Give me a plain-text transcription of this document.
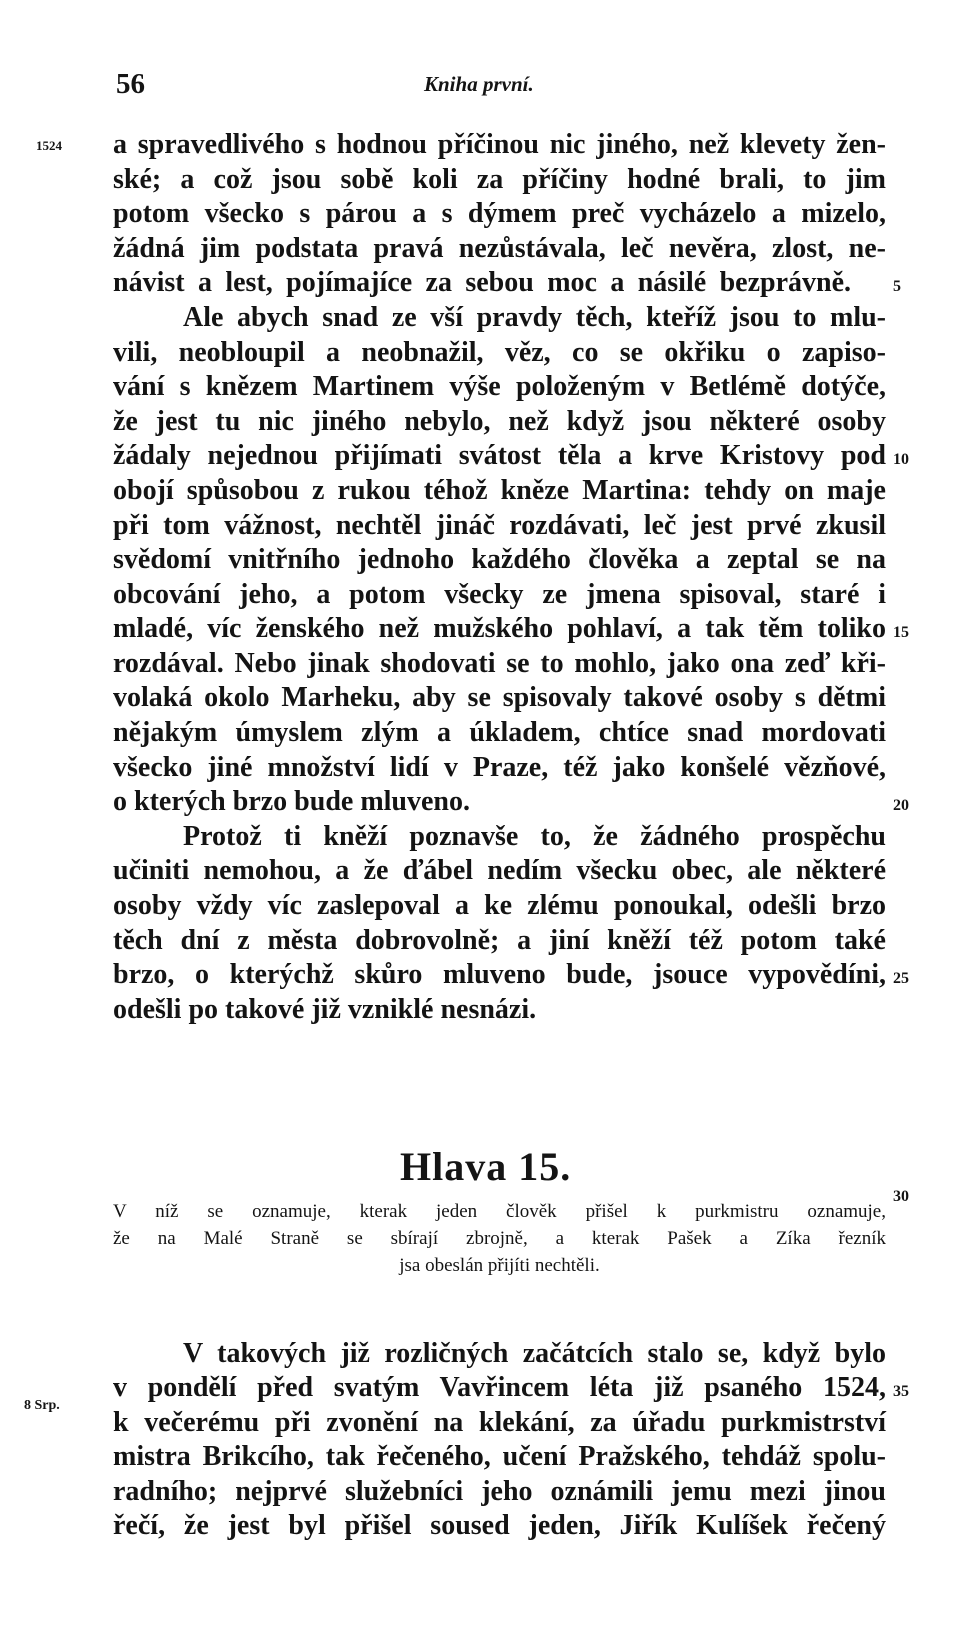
56	Kniha první.
1524 a spravedlivého s hodnou příčinou nic jiného, než klevety žen-
ské; a což jsou sobě koli za příčiny hodné brali, to jim
potom všecko s párou a s dýmem preč vycházelo a mizelo,
žádná jim podstata pravá nezůstávala, leč nevěra, zlost, ne-
návist a lest, pojímajíce za sebou moc a násilé bezprávně.
Ale abych snad ze vší pravdy těch, kteříž jsou to mlu-
vili, neobloupil a neobnažil, věz, co se okřiku o zapiso-
vání s knězem Martinem výše položeným v Betlémě dotýče,
že jest tu nic jiného nebylo, než když jsou některé osoby
žádaly nejednou přijímati svátost těla a krve Kristovy pod
obojí spůsobou z rukou téhož kněze Martina: tehdy on maje
při tom vážnost, nechtěl jináč rozdávati, leč jest prvé zkusil
svědomí vnitřního jednoho každého člověka a zeptal se na
obcování jeho, a potom všecky ze jmena spisoval, staré i
mladé, víc ženského než mužského pohlaví, a tak těm toliko
rozdával. Nebo jinak shodovati se to mohlo, jako ona zeď kři-
volaká okolo Marheku, aby se spisovaly takové osoby s dětmi
nějakým úmyslem zlým a úkladem, chtíce snad mordovati
všecko jiné množství lidí v Praze, též jako konšelé vězňové,
o kterých brzo bude mluveno.
Protož ti kněží poznavše to, že žádného prospěchu
učiniti nemohou, a že ďábel nedím všecku obec, ale některé
osoby vždy víc zaslepoval a ke zlému ponoukal, odešli brzo
těch dní z města dobrovolně; a jiní kněží též potom také
brzo, o kterýchž skůro mluveno bude, jsouce vypovědíni,
odešli po takové již vzniklé nesnázi.
Hlava 15.
V níž se oznamuje, kterak jeden člověk přišel k purkmistru oznamuje,
že na Malé Straně se sbírají zbrojně, a kterak Pašek a Zíka řezník
jsa obeslán přijíti nechtěli.
V takových již rozličných začátcích stalo se, když bylo
v pondělí před svatým Vavřincem léta již psaného 1524,
k večerému při zvonění na klekání, za úřadu purkmistrství
mistra Brikcího, tak řečeného, učení Pražského, tehdáž spolu-
radního; nejprvé služebníci jeho oznámili jemu mezi jinou
řečí, že jest byl přišel soused jeden, Jiřík Kulíšek řečený
8 Srp.
5
10
15
20
25
30
35
